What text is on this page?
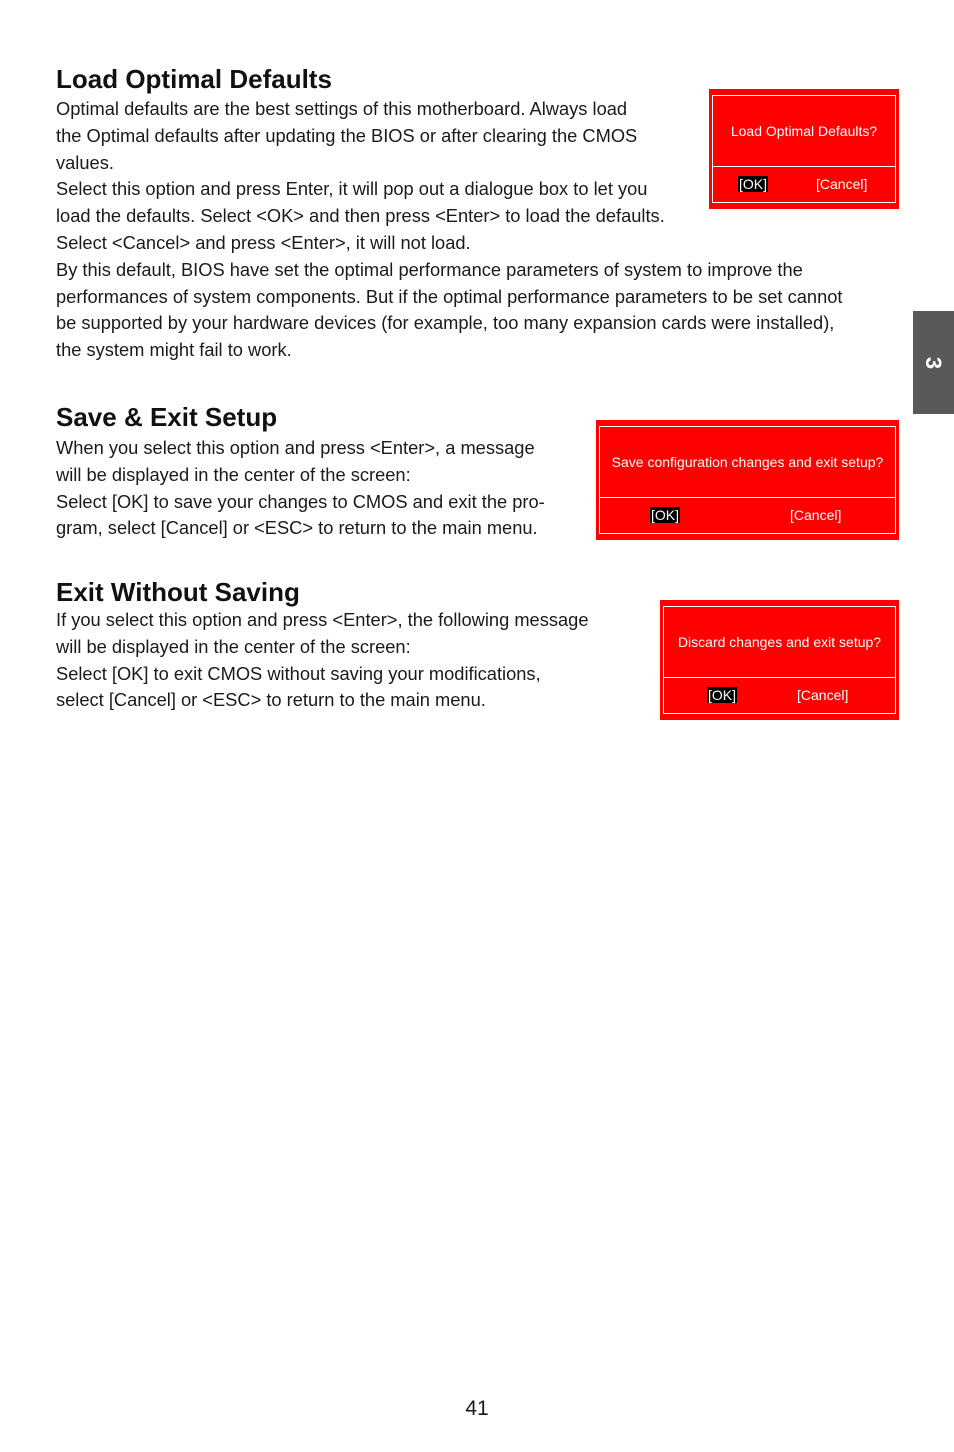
Load Optimal Defaults

Optimal defaults are the best settings of this motherboard. Always load

the Optimal defaults after updating the BIOS or after clearing the CMOS

values.

Select this option and press Enter, it will pop out a dialogue box to let you

load the defaults. Select <OK> and then press <Enter> to load the defaults.

Select <Cancel> and press <Enter>, it will not load.

By this default, BIOS have set the optimal performance parameters of system to improve the

performances of system components. But if the optimal performance parameters to be set cannot

be supported by your hardware devices (for example, too many expansion cards were installed),

the system might fail to work.

Load Optimal Defaults?
[OK]	[Cancel]
Save & Exit Setup

When you select this option and press <Enter>, a message

will be displayed in the center of the screen:

Select [OK] to save your changes to CMOS and exit the pro-

gram, select [Cancel] or <ESC> to return to the main menu.

Save configuration changes and exit setup?
[OK]	[Cancel]
Exit Without Saving

If you select this option and press <Enter>, the following message

will be displayed in the center of the screen:

Select [OK] to exit CMOS without saving your modifications,

select [Cancel] or <ESC> to return to the main menu.

Discard changes and exit setup?
[OK]	[Cancel]
3
41
